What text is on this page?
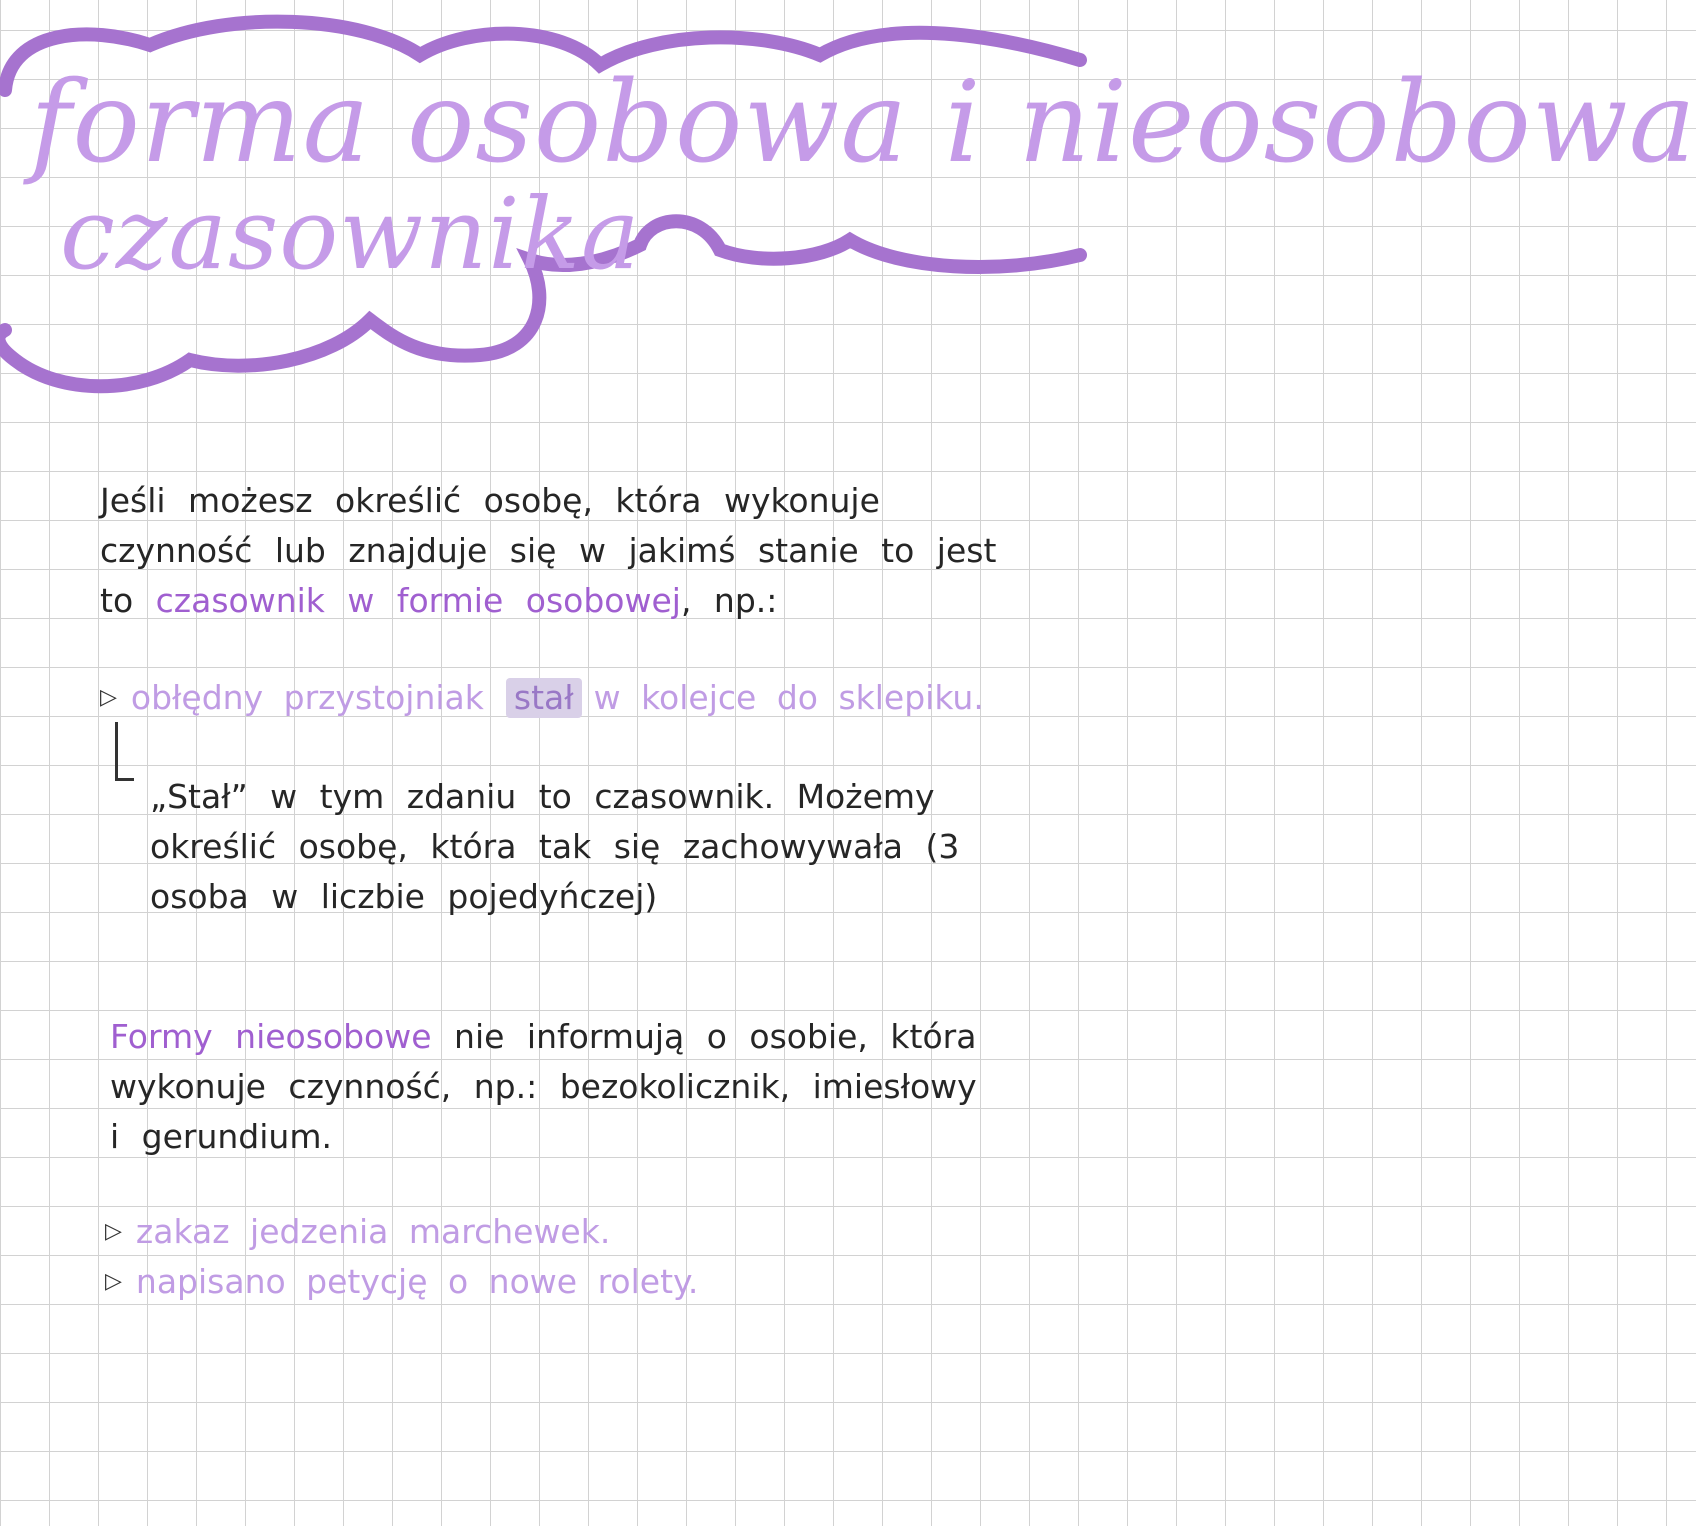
forma osobowa i nieosobowa
czasownika

Jeśli możesz określić osobę, która wykonuje czynność lub znajduje się w jakimś stanie to jest to czasownik w formie osobowej, np.:

▷ obłędny przystojniak stał w kolejce do sklepiku.

„Stał” w tym zdaniu to czasownik. Możemy określić osobę, która tak się zachowywała (3 osoba w liczbie pojedyńczej)

Formy nieosobowe nie informują o osobie, która wykonuje czynność, np.: bezokolicznik, imiesłowy i gerundium.

▷ zakaz jedzenia marchewek.
▷ napisano petycję o nowe rolety.
